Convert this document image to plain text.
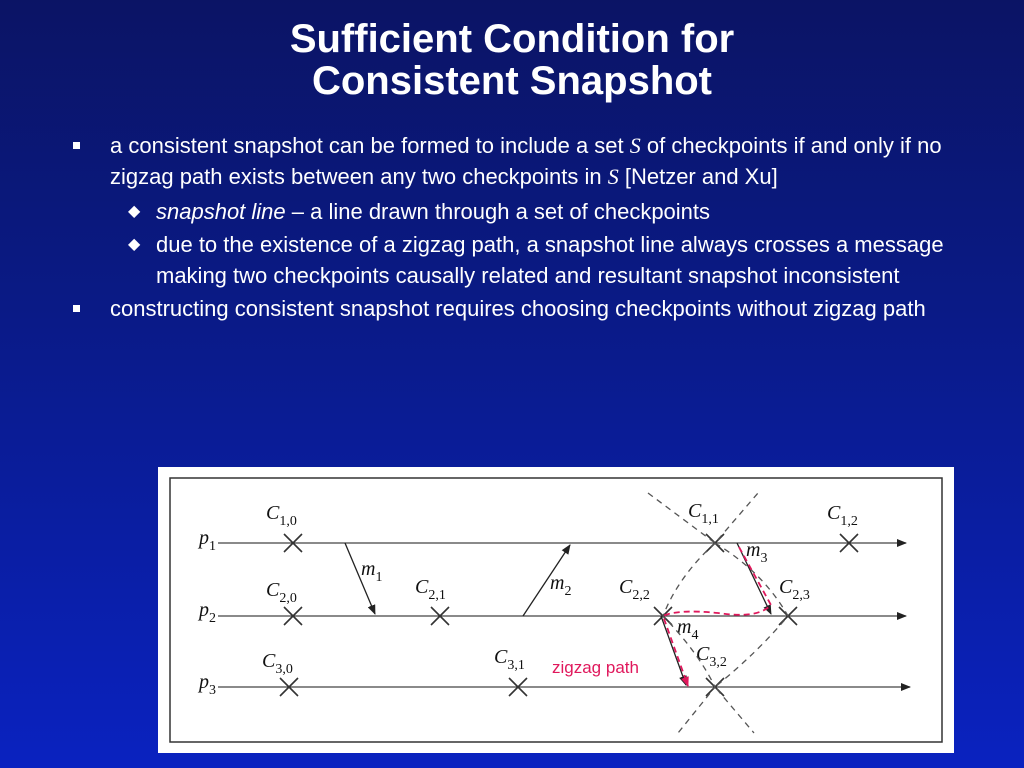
Sufficient Condition for
Consistent Snapshot
a consistent snapshot can be formed to include a set S of checkpoints if and only if no zigzag path exists between any two checkpoints in S [Netzer and Xu]
◆ snapshot line – a line drawn through a set of checkpoints
◆ due to the existence of a zigzag path, a snapshot line always crosses a message making two checkpoints causally related and resultant snapshot inconsistent
constructing consistent snapshot requires choosing checkpoints without zigzag path
$p_1$
$p_2$
$p_3$
$C_{1,0}$	$C_{1,1}$	$C_{1,2}$
$C_{2,0}$
$C_{2,1}$	$C_{2,2}$	$C_{2,3}$
$C_{3,0}$
$C_{3,1}$
$C_{3,2}$
$m_1$	$m_2$
$m_3$
$m_4$
zigzag path
